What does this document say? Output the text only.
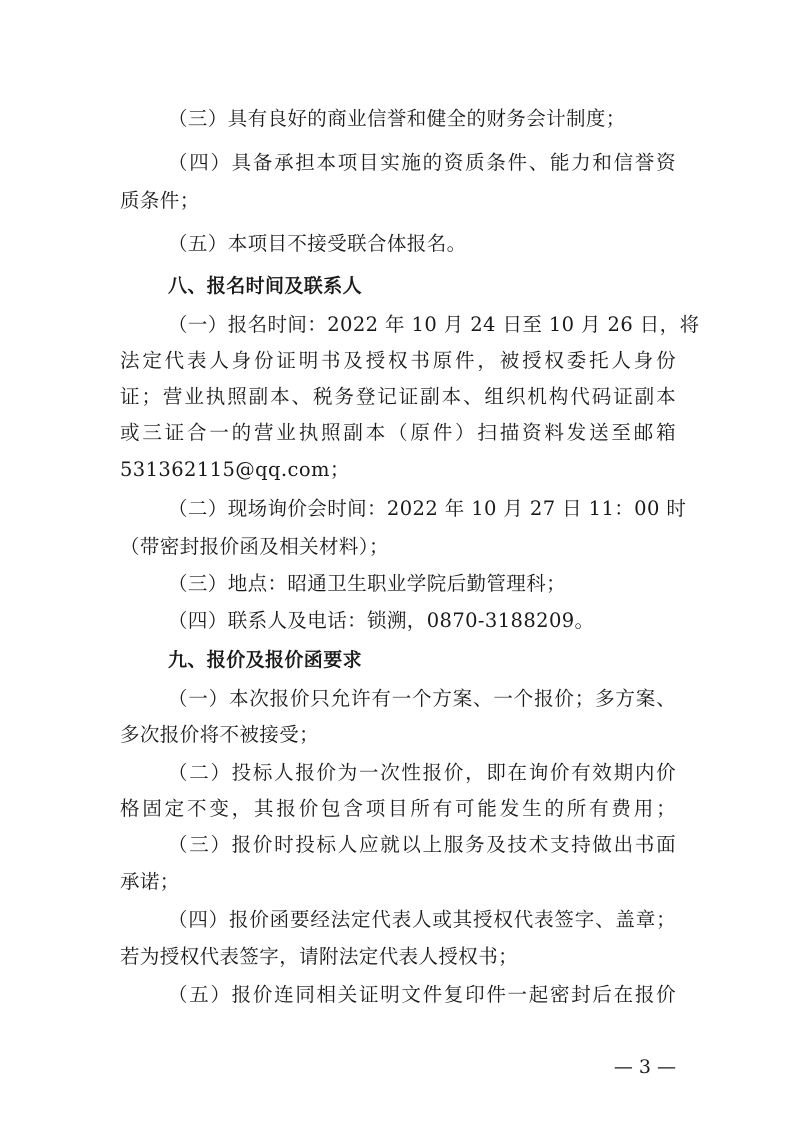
（三）具有良好的商业信誉和健全的财务会计制度；
（四）具备承担本项目实施的资质条件、能力和信誉资
质条件；
（五）本项目不接受联合体报名。
八、报名时间及联系人
（一）报名时间：2022 年 10 月 24 日至 10 月 26 日，将
法定代表人身份证明书及授权书原件，被授权委托人身份
证；营业执照副本、税务登记证副本、组织机构代码证副本
或三证合一的营业执照副本（原件）扫描资料发送至邮箱
531362115@qq.com；
（二）现场询价会时间：2022 年 10 月 27 日 11：00 时
（带密封报价函及相关材料）；
（三）地点：昭通卫生职业学院后勤管理科；
（四）联系人及电话：锁溯，0870-3188209。
九、报价及报价函要求
（一）本次报价只允许有一个方案、一个报价；多方案、
多次报价将不被接受；
（二）投标人报价为一次性报价，即在询价有效期内价
格固定不变，其报价包含项目所有可能发生的所有费用；
（三）报价时投标人应就以上服务及技术支持做出书面
承诺；
（四）报价函要经法定代表人或其授权代表签字、盖章；
若为授权代表签字，请附法定代表人授权书；
（五）报价连同相关证明文件复印件一起密封后在报价
— 3 —
